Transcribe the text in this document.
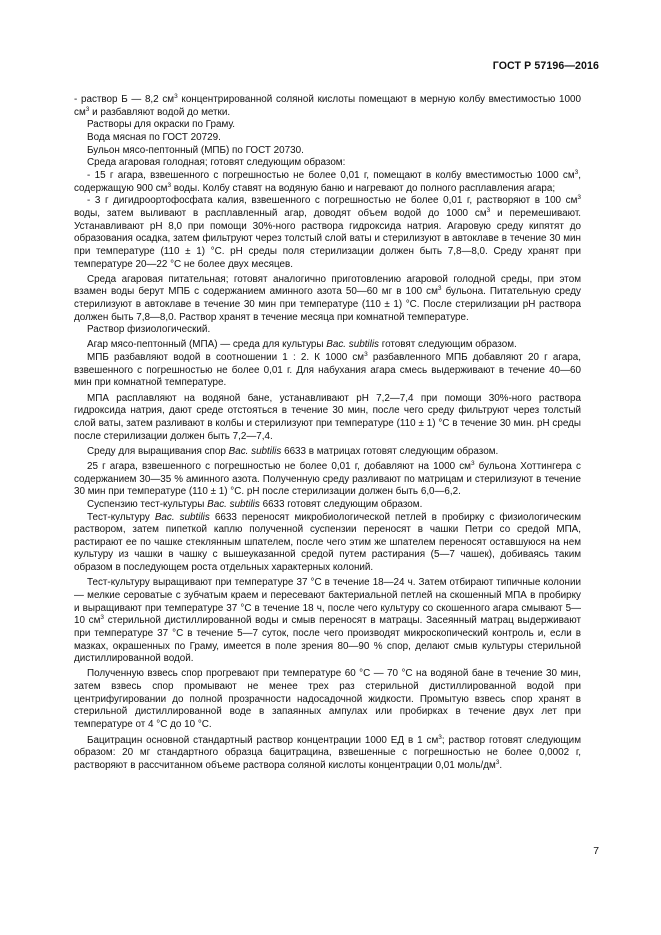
ГОСТ Р 57196—2016

- раствор Б — 8,2 $см^3$ концентрированной соляной кислоты помещают в мерную колбу вместимостью 1000 $см^3$ и разбавляют водой до метки.

Растворы для окраски по Граму.

Вода мясная по ГОСТ 20729.

Бульон мясо-пептонный (МПБ) по ГОСТ 20730.

Среда агаровая голодная; готовят следующим образом:

- 15 г агара, взвешенного с погрешностью не более 0,01 г, помещают в колбу вместимостью 1000 $см^3$, содержащую 900 $см^3$ воды. Колбу ставят на водяную баню и нагревают до полного расплавления агара;

- 3 г дигидроортофосфата калия, взвешенного с погрешностью не более 0,01 г, растворяют в 100 $см^3$ воды, затем выливают в расплавленный агар, доводят объем водой до 1000 $см^3$ и перемешивают. Устанавливают pH 8,0 при помощи 30%-ного раствора гидроксида натрия. Агаровую среду кипятят до образования осадка, затем фильтруют через толстый слой ваты и стерилизуют в автоклаве в течение 30 мин при температуре (110 ± 1) °С. pH среды поля стерилизации должен быть 7,8—8,0. Среду хранят при температуре 20—22 °С не более двух месяцев.

Среда агаровая питательная; готовят аналогично приготовлению агаровой голодной среды, при этом взамен воды берут МПБ с содержанием аминного азота 50—60 мг в 100 $см^3$ бульона. Питательную среду стерилизуют в автоклаве в течение 30 мин при температуре (110 ± 1) °С. После стерилизации pH раствора должен быть 7,8—8,0. Раствор хранят в течение месяца при комнатной температуре.

Раствор физиологический.

Агар мясо-пептонный (МПА) — среда для культуры Bac. subtilis готовят следующим образом.

МПБ разбавляют водой в соотношении 1 : 2. К 1000 $см^3$ разбавленного МПБ добавляют 20 г агара, взвешенного с погрешностью не более 0,01 г. Для набухания агара смесь выдерживают в течение 40—60 мин при комнатной температуре.

МПА расплавляют на водяной бане, устанавливают pH 7,2—7,4 при помощи 30%-ного раствора гидроксида натрия, дают среде отстояться в течение 30 мин, после чего среду фильтруют через толстый слой ваты, затем разливают в колбы и стерилизуют при температуре (110 ± 1) °С в течение 30 мин. pH среды после стерилизации должен быть 7,2—7,4.

Среду для выращивания спор Bac. subtilis 6633 в матрицах готовят следующим образом.

25 г агара, взвешенного с погрешностью не более 0,01 г, добавляют на 1000 $см^3$ бульона Хоттингера с содержанием 30—35 % аминного азота. Полученную среду разливают по матрицам и стерилизуют в течение 30 мин при температуре (110 ± 1) °С. pH после стерилизации должен быть 6,0—6,2.

Суспензию тест-культуры Bac. subtilis 6633 готовят следующим образом.

Тест-культуру Bac. subtilis 6633 переносят микробиологической петлей в пробирку с физиологическим раствором, затем пипеткой каплю полученной суспензии переносят в чашки Петри со средой МПА, растирают ее по чашке стеклянным шпателем, после чего этим же шпателем переносят оставшуюся на нем культуру из чашки в чашку с вышеуказанной средой путем растирания (5—7 чашек), добиваясь таким образом в последующем роста отдельных характерных колоний.

Тест-культуру выращивают при температуре 37 °С в течение 18—24 ч. Затем отбирают типичные колонии — мелкие сероватые с зубчатым краем и пересевают бактериальной петлей на скошенный МПА в пробирку и выращивают при температуре 37 °С в течение 18 ч, после чего культуру со скошенного агара смывают 5—10 $см^3$ стерильной дистиллированной воды и смыв переносят в матрацы. Засеянный матрац выдерживают при температуре 37 °С в течение 5—7 суток, после чего производят микроскопический контроль и, если в мазках, окрашенных по Граму, имеется в поле зрения 80—90 % спор, делают смыв культуры стерильной дистиллированной водой.

Полученную взвесь спор прогревают при температуре 60 °С — 70 °С на водяной бане в течение 30 мин, затем взвесь спор промывают не менее трех раз стерильной дистиллированной водой при центрифугировании до полной прозрачности надосадочной жидкости. Промытую взвесь спор хранят в стерильной дистиллированной воде в запаянных ампулах или пробирках в течение двух лет при температуре от 4 °С до 10 °С.

Бацитрацин основной стандартный раствор концентрации 1000 ЕД в 1 $см^3$; раствор готовят следующим образом: 20 мг стандартного образца бацитрацина, взвешенные с погрешностью не более 0,0002 г, растворяют в рассчитанном объеме раствора соляной кислоты концентрации 0,01 моль/$дм^3$.

7
